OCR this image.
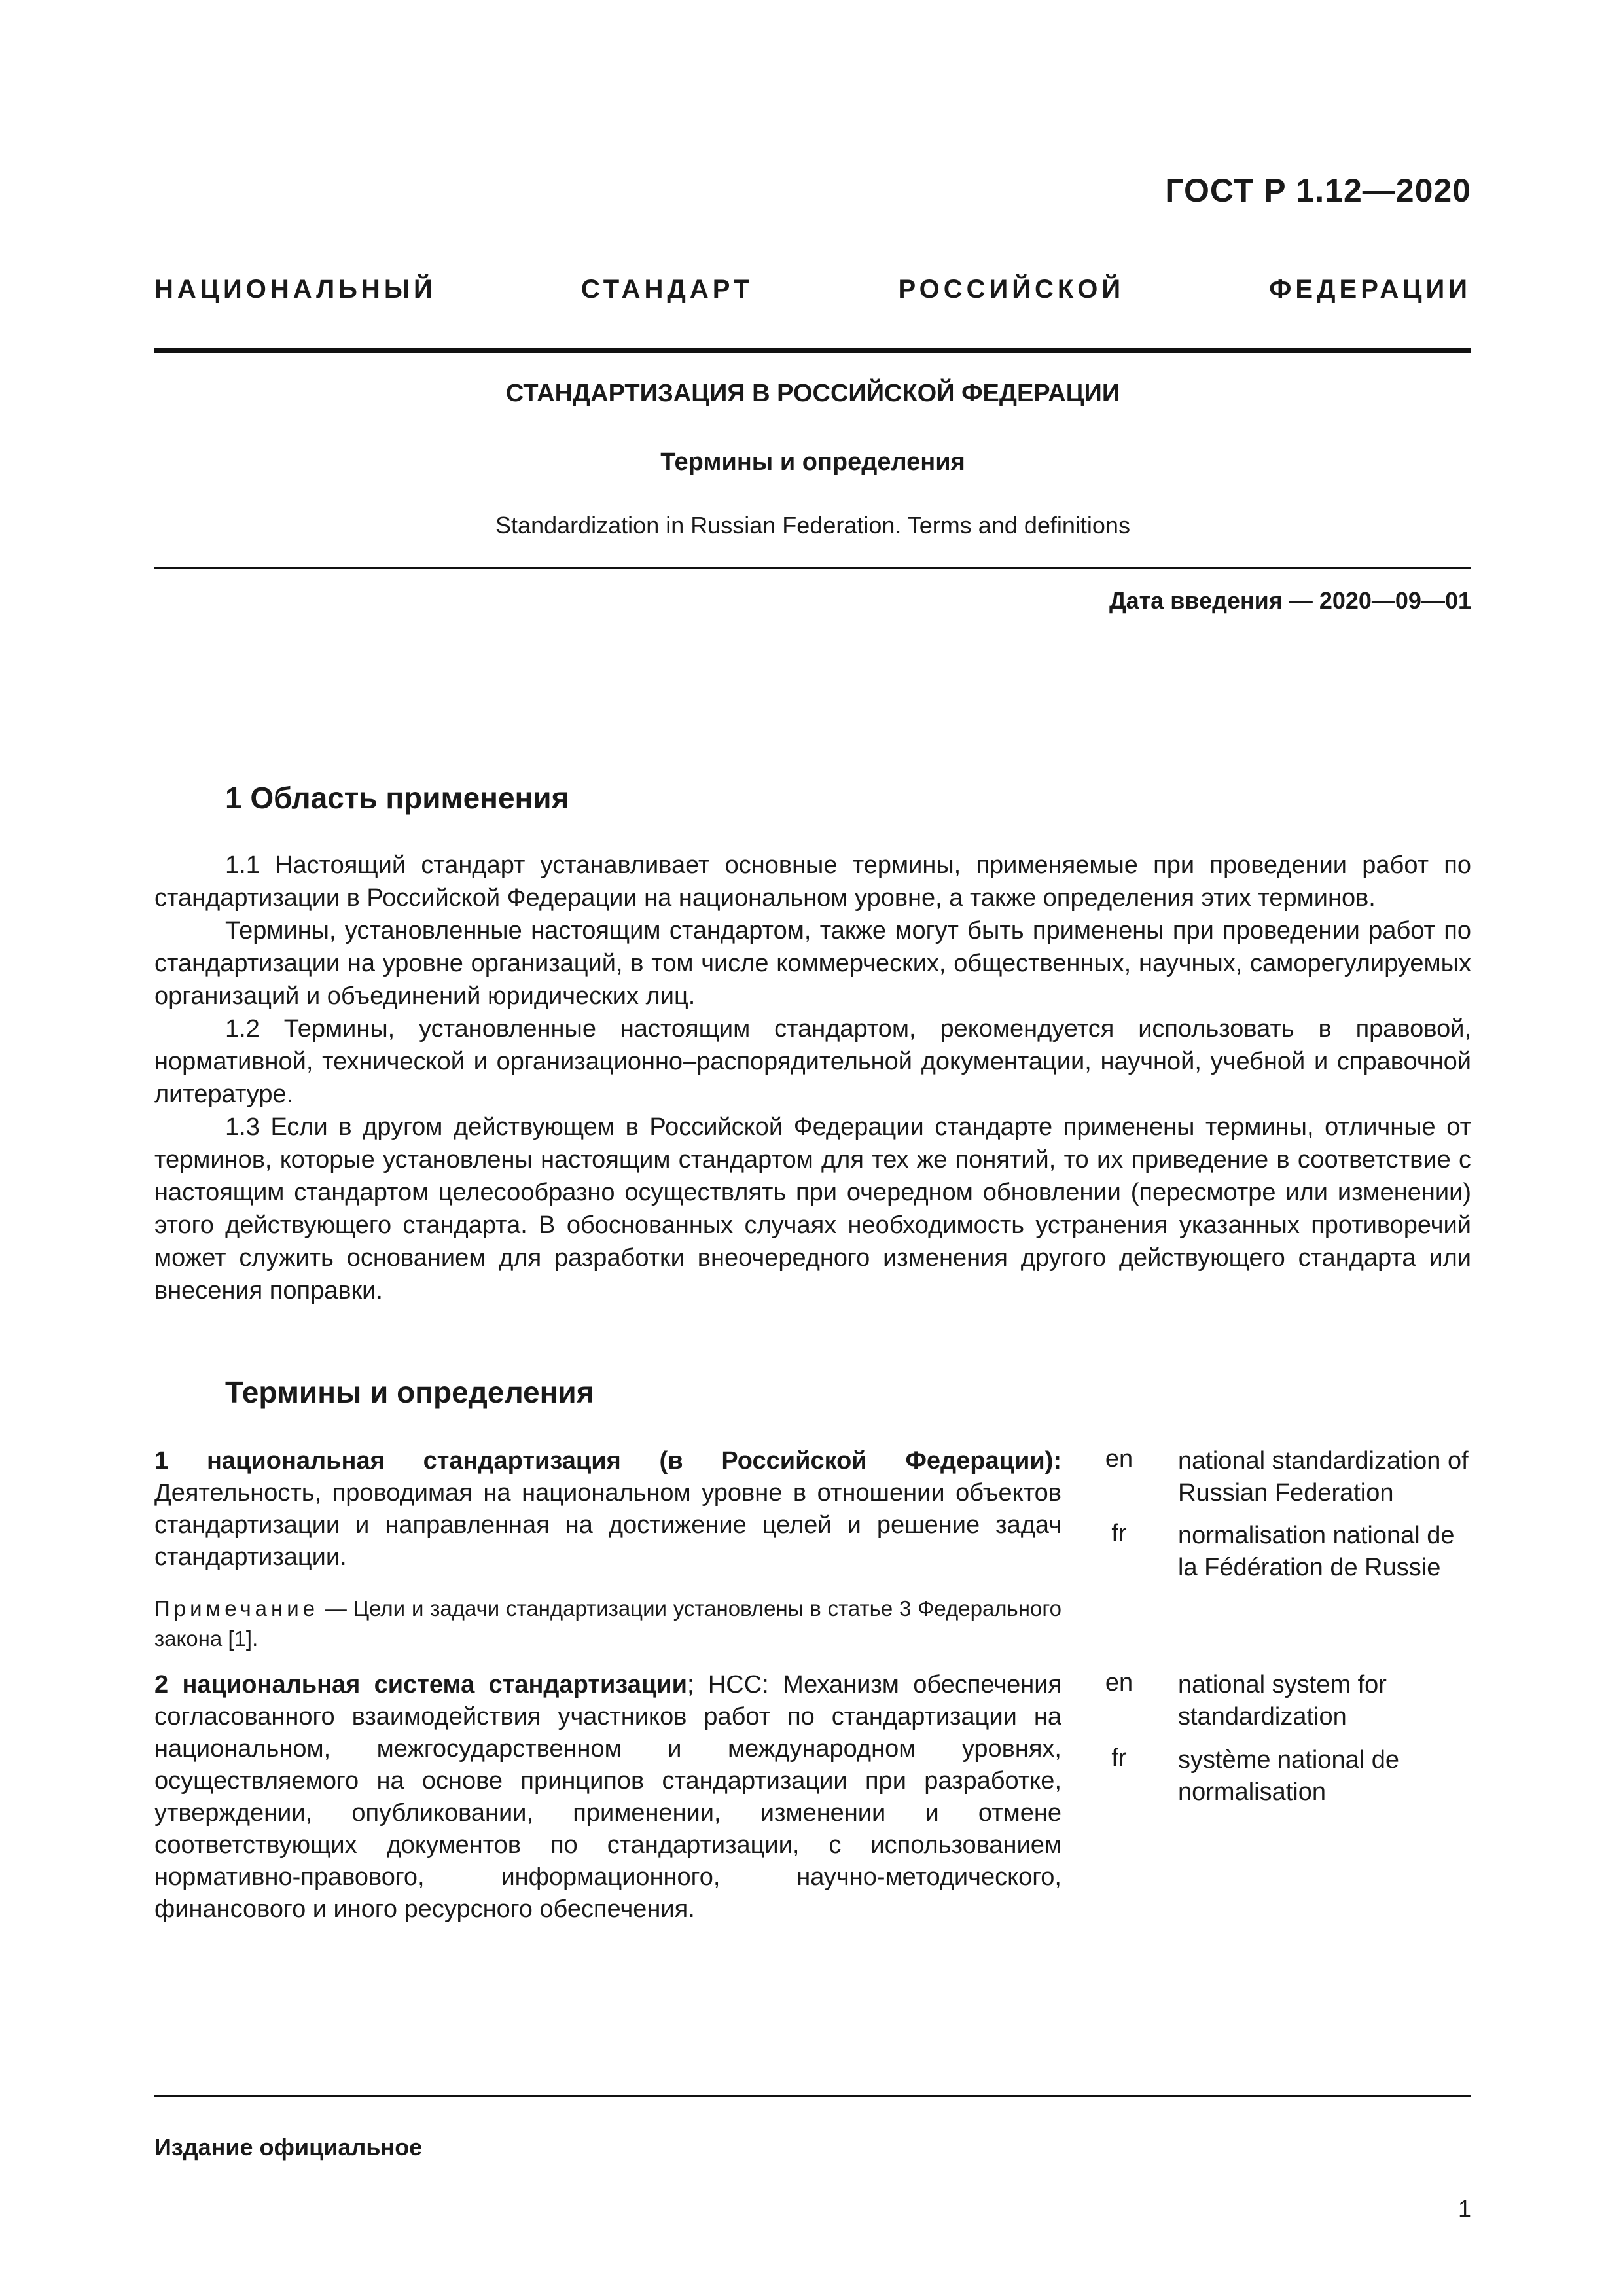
ГОСТ Р 1.12—2020
НАЦИОНАЛЬНЫЙ	СТАНДАРТ	РОССИЙСКОЙ	ФЕДЕРАЦИИ
СТАНДАРТИЗАЦИЯ В РОССИЙСКОЙ ФЕДЕРАЦИИ
Термины и определения
Standardization in Russian Federation. Terms and definitions
Дата введения — 2020—09—01
1 Область применения

1.1 Настоящий стандарт устанавливает основные термины, применяемые при проведении работ по стандартизации в Российской Федерации на национальном уровне, а также определения этих терминов.

Термины, установленные настоящим стандартом, также могут быть применены при проведении работ по стандартизации на уровне организаций, в том числе коммерческих, общественных, научных, саморегулируемых организаций и объединений юридических лиц.

1.2 Термины, установленные настоящим стандартом, рекомендуется использовать в правовой, нормативной, технической и организационно–распорядительной документации, научной, учебной и справочной литературе.

1.3 Если в другом действующем в Российской Федерации стандарте применены термины, отличные от терминов, которые установлены настоящим стандартом для тех же понятий, то их приведение в соответствие с настоящим стандартом целесообразно осуществлять при очередном обновлении (пересмотре или изменении) этого действующего стандарта. В обоснованных случаях необходимость устранения указанных противоречий может служить основанием для разработки внеочередного изменения другого действующего стандарта или внесения поправки.

Термины и определения

1 национальная стандартизация (в Российской Федерации): Деятельность, проводимая на национальном уровне в отношении объектов стандартизации и направленная на достижение целей и решение задач стандартизации.

Примечание — Цели и задачи стандартизации установлены в статье 3 Федерального закона [1].

en	national standardization of Russian Federation
fr	normalisation national de la Fédération de Russie

2 национальная система стандартизации; НСС: Механизм обеспечения согласованного взаимодействия участников работ по стандартизации на национальном, межгосударственном и международном уровнях, осуществляемого на основе принципов стандартизации при разработке, утверждении, опубликовании, применении, изменении и отмене соответствующих документов по стандартизации, с использованием нормативно-правового, информационного, научно-методического, финансового и иного ресурсного обеспечения.

en	national system for standardization
fr	système national de normalisation
Издание официальное
1
